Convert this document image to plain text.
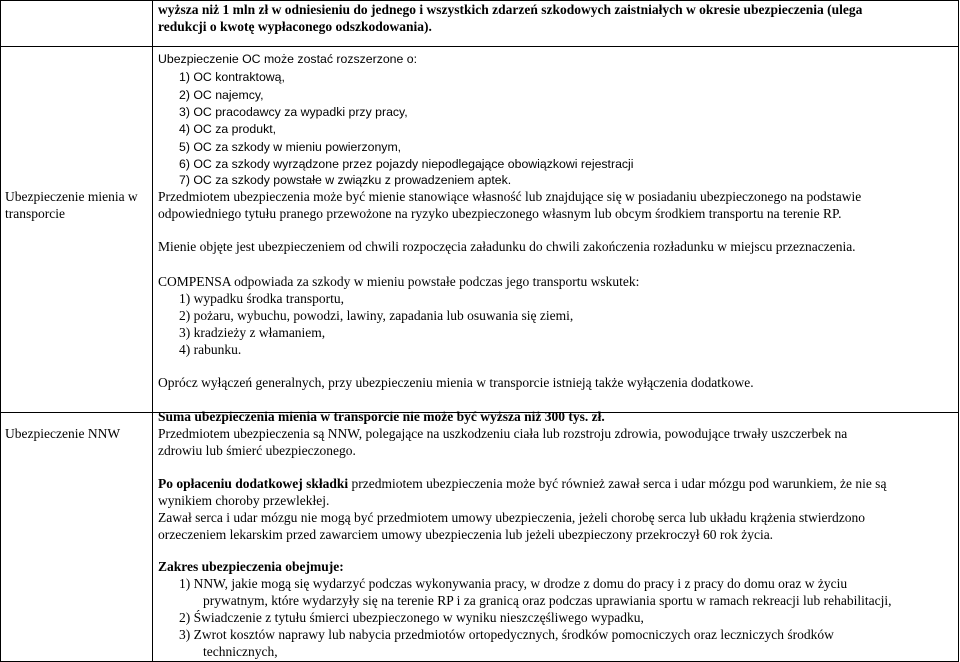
wyższa niż 1 mln zł w odniesieniu do jednego i wszystkich zdarzeń szkodowych zaistniałych w okresie ubezpieczenia (ulega
redukcji o kwotę wypłaconego odszkodowania).
Ubezpieczenie OC może zostać rozszerzone o:
1) OC kontraktową,
2) OC najemcy,
3) OC pracodawcy za wypadki przy pracy,
4) OC za produkt,
5) OC za szkody w mieniu powierzonym,
6) OC za szkody wyrządzone przez pojazdy niepodlegające obowiązkowi rejestracji
7) OC za szkody powstałe w związku z prowadzeniem aptek.
Ubezpieczenie mienia w
transporcie
Przedmiotem ubezpieczenia może być mienie stanowiące własność lub znajdujące się w posiadaniu ubezpieczonego na podstawie
odpowiedniego tytułu pranego przewożone na ryzyko ubezpieczonego własnym lub obcym środkiem transportu na terenie RP.
Mienie objęte jest ubezpieczeniem od chwili rozpoczęcia załadunku do chwili zakończenia rozładunku w miejscu przeznaczenia.
COMPENSA odpowiada za szkody w mieniu powstałe podczas jego transportu wskutek:
1) wypadku środka transportu,
2) pożaru, wybuchu, powodzi, lawiny, zapadania lub osuwania się ziemi,
3) kradzieży z włamaniem,
4) rabunku.
Oprócz wyłączeń generalnych, przy ubezpieczeniu mienia w transporcie istnieją także wyłączenia dodatkowe.
Suma ubezpieczenia mienia w transporcie nie może być wyższa niż 300 tys. zł.
Ubezpieczenie NNW	Przedmiotem ubezpieczenia są NNW, polegające na uszkodzeniu ciała lub rozstroju zdrowia, powodujące trwały uszczerbek na
zdrowiu lub śmierć ubezpieczonego.
Po opłaceniu dodatkowej składki przedmiotem ubezpieczenia może być również zawał serca i udar mózgu pod warunkiem, że nie są
wynikiem choroby przewlekłej.
Zawał serca i udar mózgu nie mogą być przedmiotem umowy ubezpieczenia, jeżeli chorobę serca lub układu krążenia stwierdzono
orzeczeniem lekarskim przed zawarciem umowy ubezpieczenia lub jeżeli ubezpieczony przekroczył 60 rok życia.
Zakres ubezpieczenia obejmuje:
1) NNW, jakie mogą się wydarzyć podczas wykonywania pracy, w drodze z domu do pracy i z pracy do domu oraz w życiu
prywatnym, które wydarzyły się na terenie RP i za granicą oraz podczas uprawiania sportu w ramach rekreacji lub rehabilitacji,
2) Świadczenie z tytułu śmierci ubezpieczonego w wyniku nieszczęśliwego wypadku,
3) Zwrot kosztów naprawy lub nabycia przedmiotów ortopedycznych, środków pomocniczych oraz leczniczych środków
technicznych,
